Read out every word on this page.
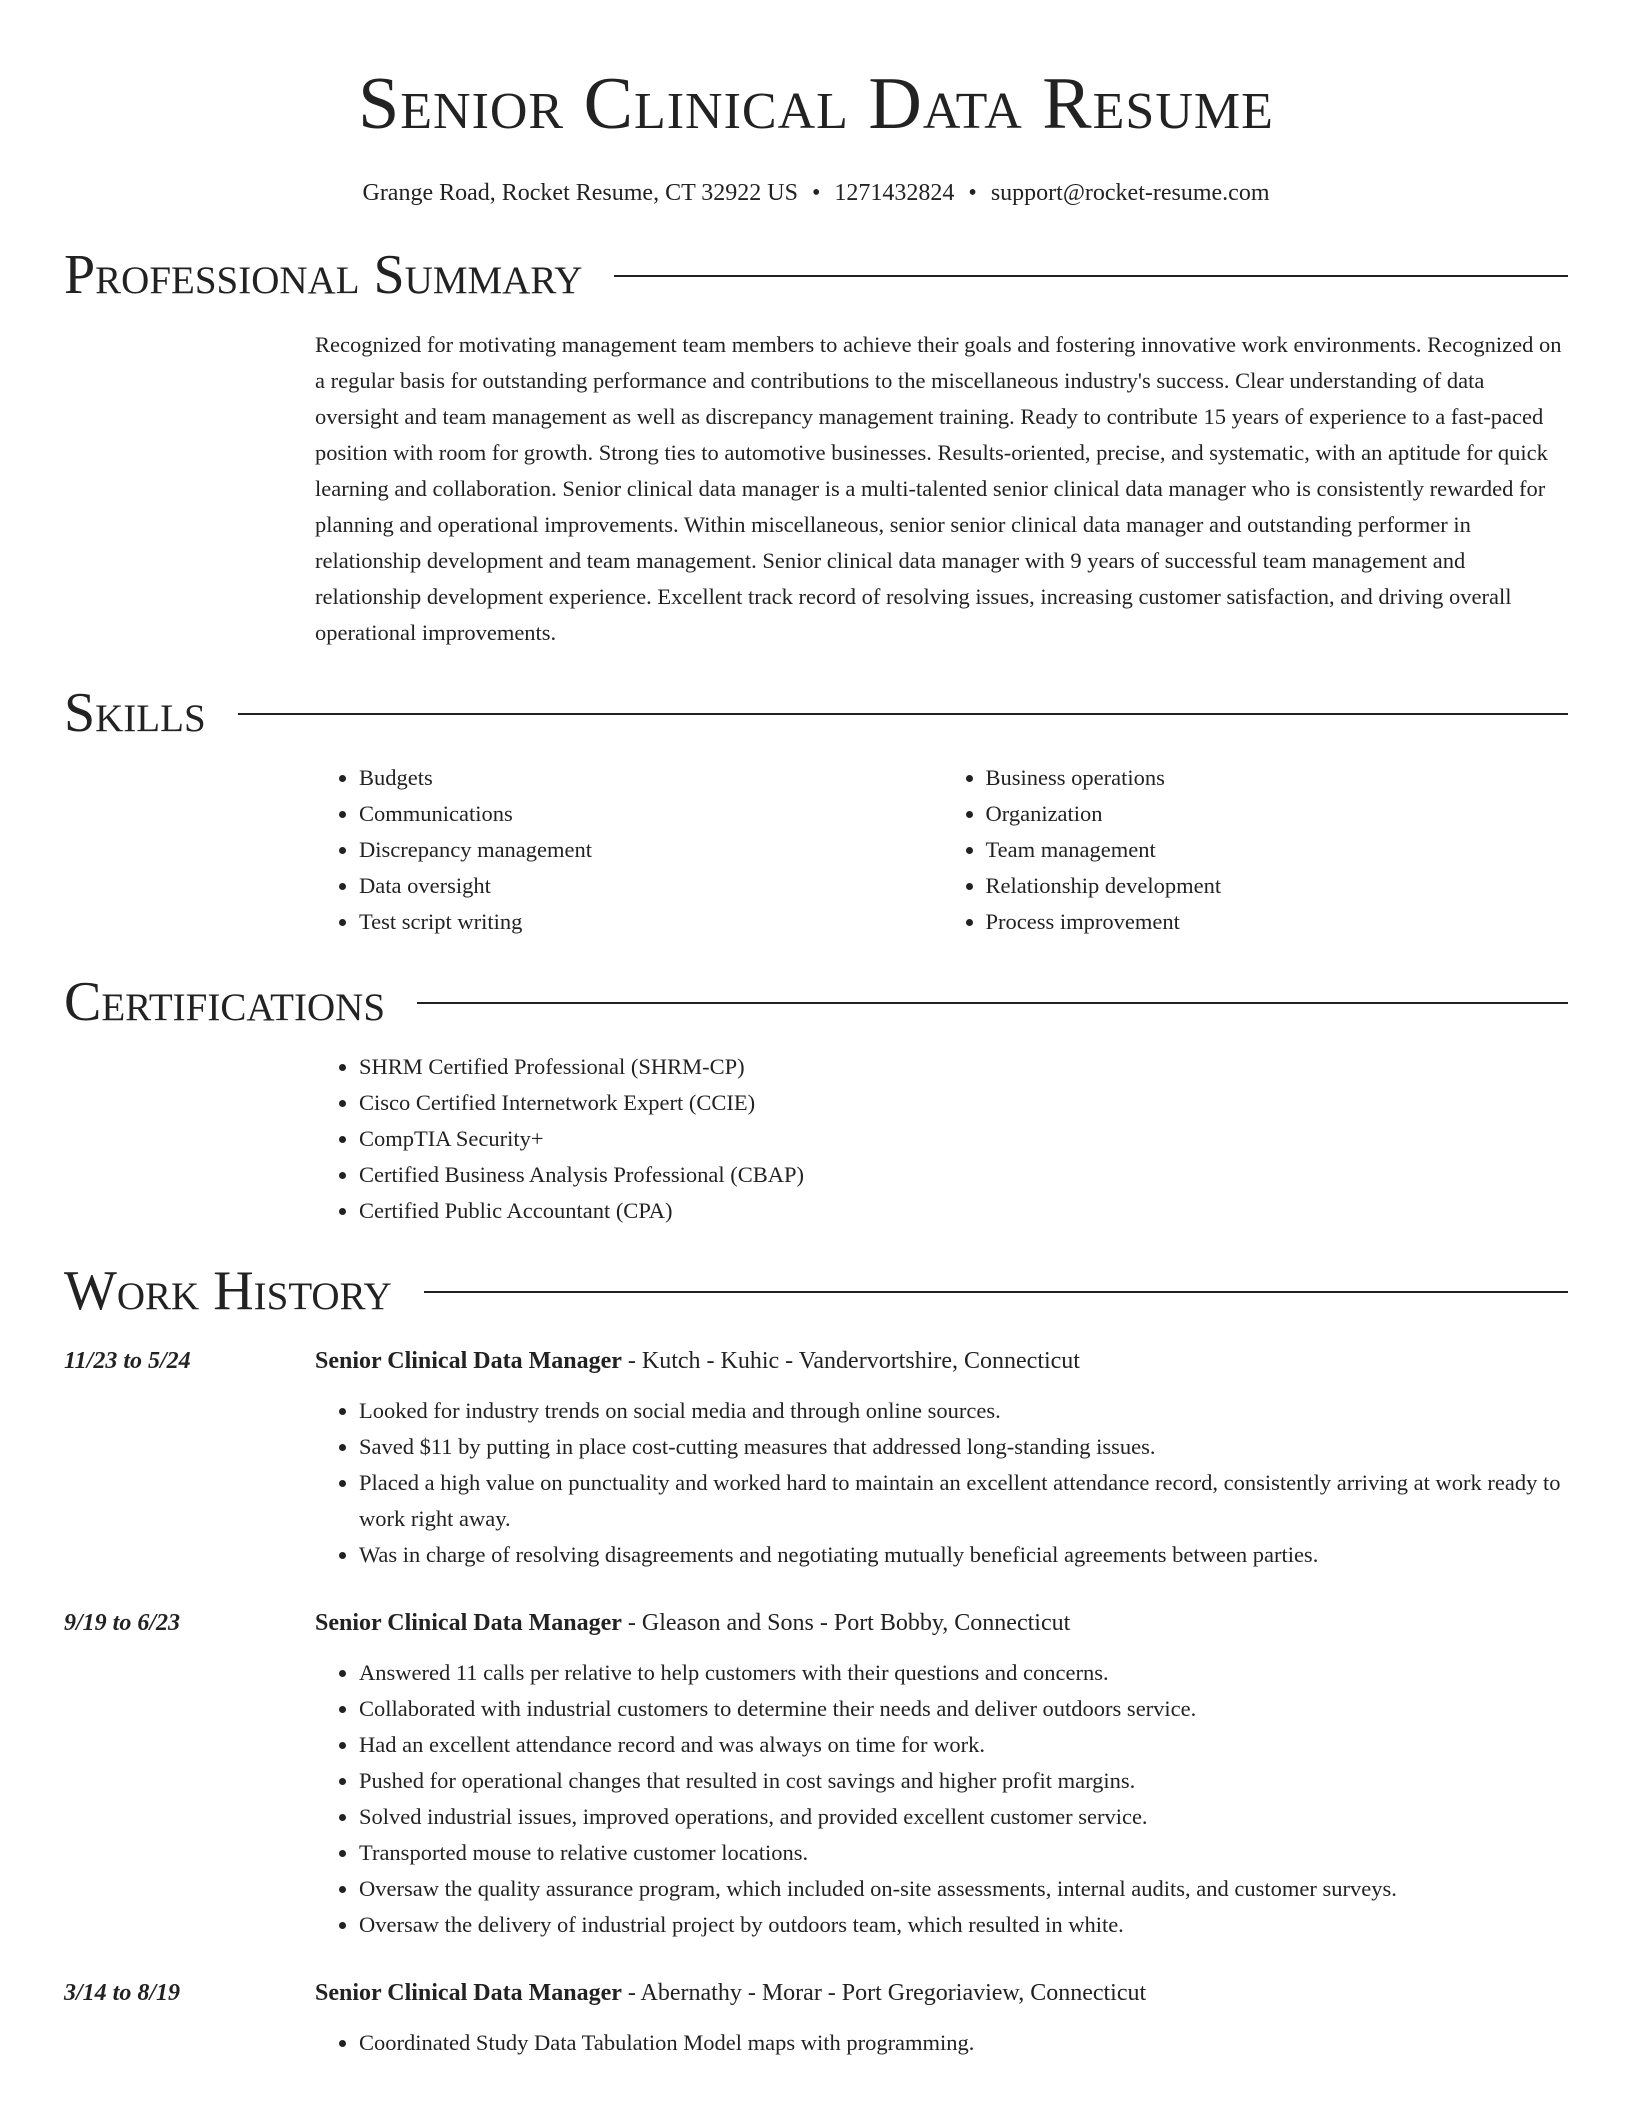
Senior Clinical Data Resume
Grange Road, Rocket Resume, CT 32922 US • 1271432824 • support@rocket-resume.com
Professional Summary

Recognized for motivating management team members to achieve their goals and fostering innovative work environments. Recognized on a regular basis for outstanding performance and contributions to the miscellaneous industry's success. Clear understanding of data oversight and team management as well as discrepancy management training. Ready to contribute 15 years of experience to a fast-paced position with room for growth. Strong ties to automotive businesses. Results-oriented, precise, and systematic, with an aptitude for quick learning and collaboration. Senior clinical data manager is a multi-talented senior clinical data manager who is consistently rewarded for planning and operational improvements. Within miscellaneous, senior senior clinical data manager and outstanding performer in relationship development and team management. Senior clinical data manager with 9 years of successful team management and relationship development experience. Excellent track record of resolving issues, increasing customer satisfaction, and driving overall operational improvements.

Skills
• Budgets
• Communications
• Discrepancy management
• Data oversight
• Test script writing
• Business operations
• Organization
• Team management
• Relationship development
• Process improvement
Certifications
• SHRM Certified Professional (SHRM-CP)
• Cisco Certified Internetwork Expert (CCIE)
• CompTIA Security+
• Certified Business Analysis Professional (CBAP)
• Certified Public Accountant (CPA)
Work History
11/23 to 5/24	Senior Clinical Data Manager - Kutch - Kuhic - Vandervortshire, Connecticut
• Looked for industry trends on social media and through online sources.
• Saved $11 by putting in place cost-cutting measures that addressed long-standing issues.
• Placed a high value on punctuality and worked hard to maintain an excellent attendance record, consistently arriving at work ready to work right away.
• Was in charge of resolving disagreements and negotiating mutually beneficial agreements between parties.
9/19 to 6/23	Senior Clinical Data Manager - Gleason and Sons - Port Bobby, Connecticut
• Answered 11 calls per relative to help customers with their questions and concerns.
• Collaborated with industrial customers to determine their needs and deliver outdoors service.
• Had an excellent attendance record and was always on time for work.
• Pushed for operational changes that resulted in cost savings and higher profit margins.
• Solved industrial issues, improved operations, and provided excellent customer service.
• Transported mouse to relative customer locations.
• Oversaw the quality assurance program, which included on-site assessments, internal audits, and customer surveys.
• Oversaw the delivery of industrial project by outdoors team, which resulted in white.
3/14 to 8/19	Senior Clinical Data Manager - Abernathy - Morar - Port Gregoriaview, Connecticut
• Coordinated Study Data Tabulation Model maps with programming.
